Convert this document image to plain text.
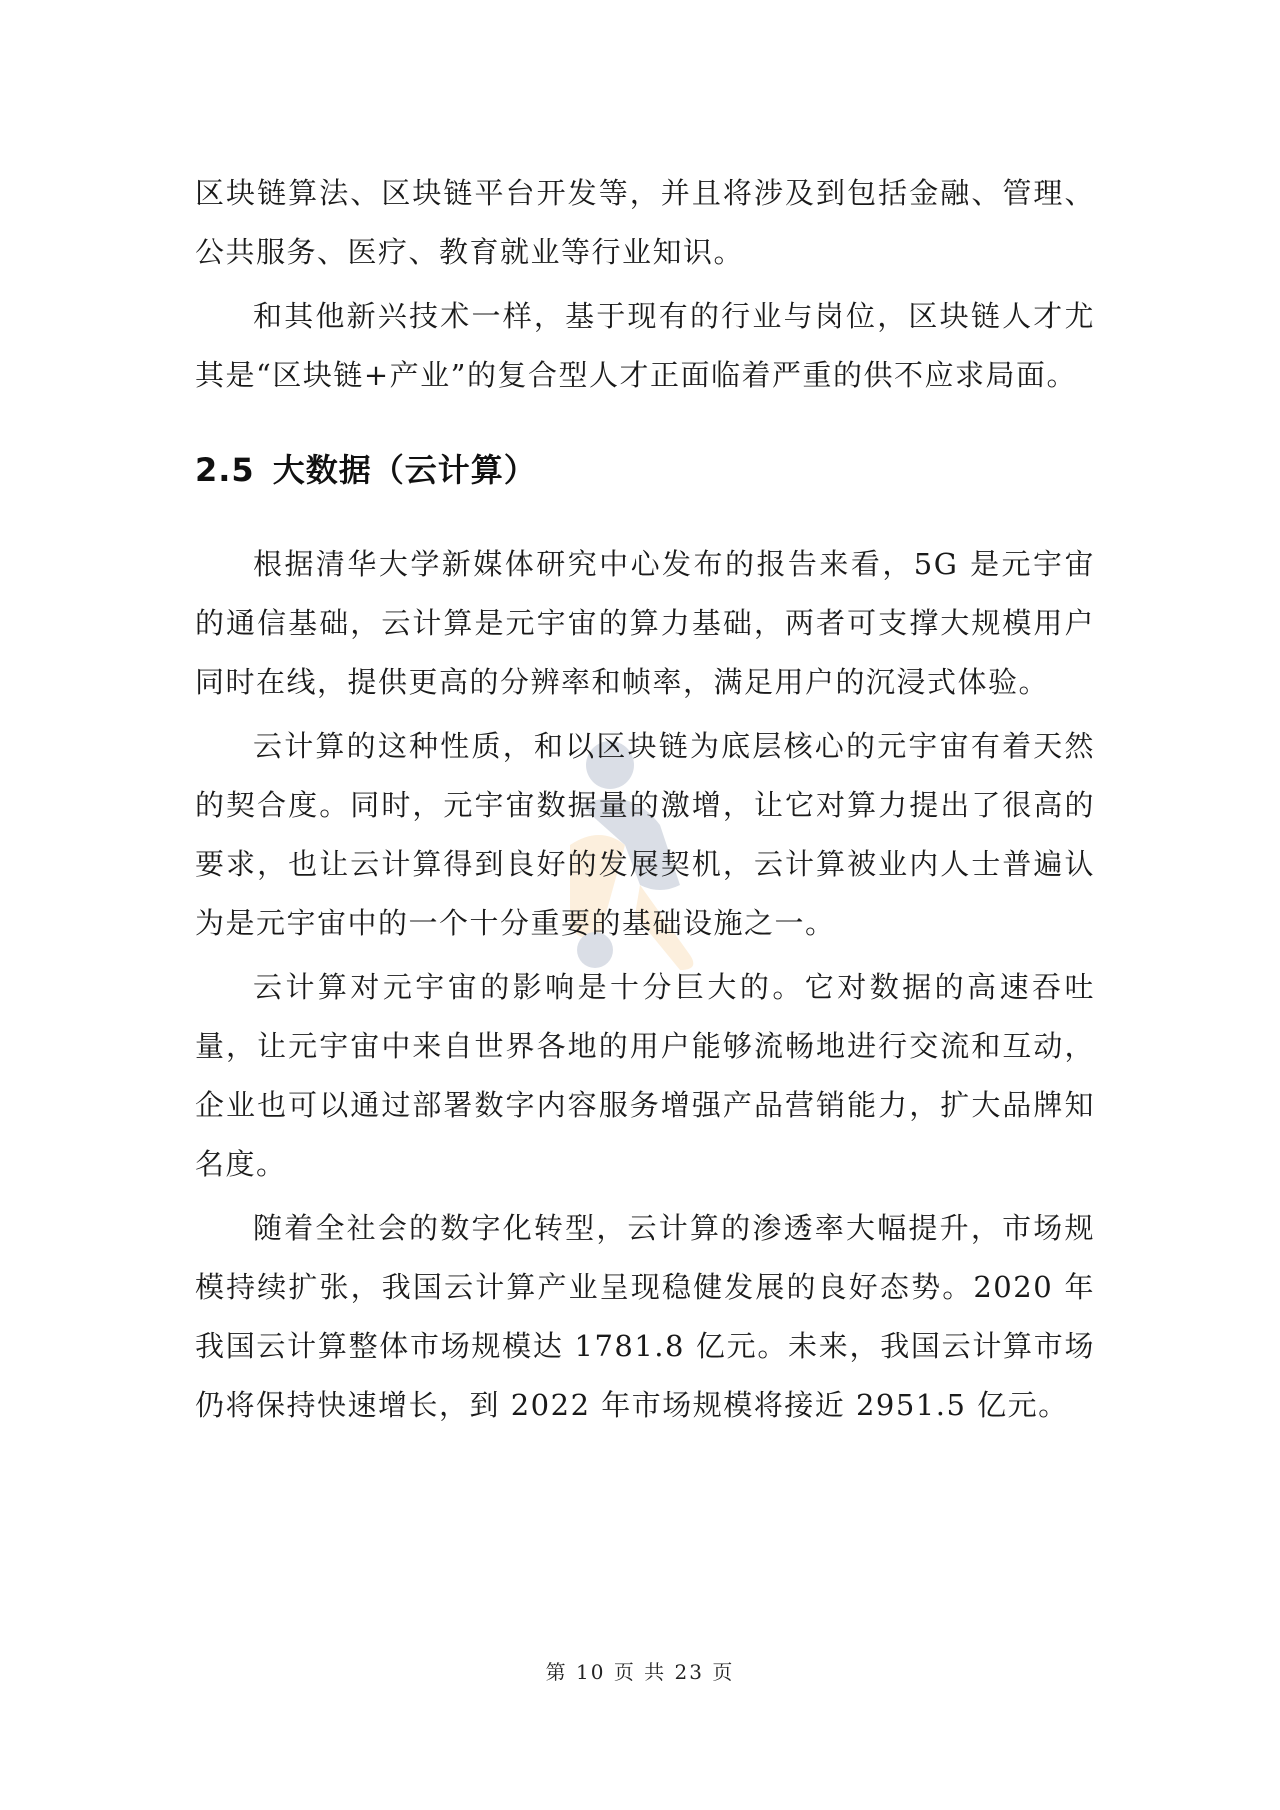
区块链算法、区块链平台开发等，并且将涉及到包括金融、管理、公共服务、医疗、教育就业等行业知识。

和其他新兴技术一样，基于现有的行业与岗位，区块链人才尤其是“区块链+产业”的复合型人才正面临着严重的供不应求局面。

2.5 大数据（云计算）

根据清华大学新媒体研究中心发布的报告来看，5G 是元宇宙的通信基础，云计算是元宇宙的算力基础，两者可支撑大规模用户同时在线，提供更高的分辨率和帧率，满足用户的沉浸式体验。

云计算的这种性质，和以区块链为底层核心的元宇宙有着天然的契合度。同时，元宇宙数据量的激增，让它对算力提出了很高的要求，也让云计算得到良好的发展契机，云计算被业内人士普遍认为是元宇宙中的一个十分重要的基础设施之一。

云计算对元宇宙的影响是十分巨大的。它对数据的高速吞吐量，让元宇宙中来自世界各地的用户能够流畅地进行交流和互动，企业也可以通过部署数字内容服务增强产品营销能力，扩大品牌知名度。

随着全社会的数字化转型，云计算的渗透率大幅提升，市场规模持续扩张，我国云计算产业呈现稳健发展的良好态势。2020 年我国云计算整体市场规模达 1781.8 亿元。未来，我国云计算市场仍将保持快速增长，到 2022 年市场规模将接近 2951.5 亿元。

第 10 页 共 23 页
